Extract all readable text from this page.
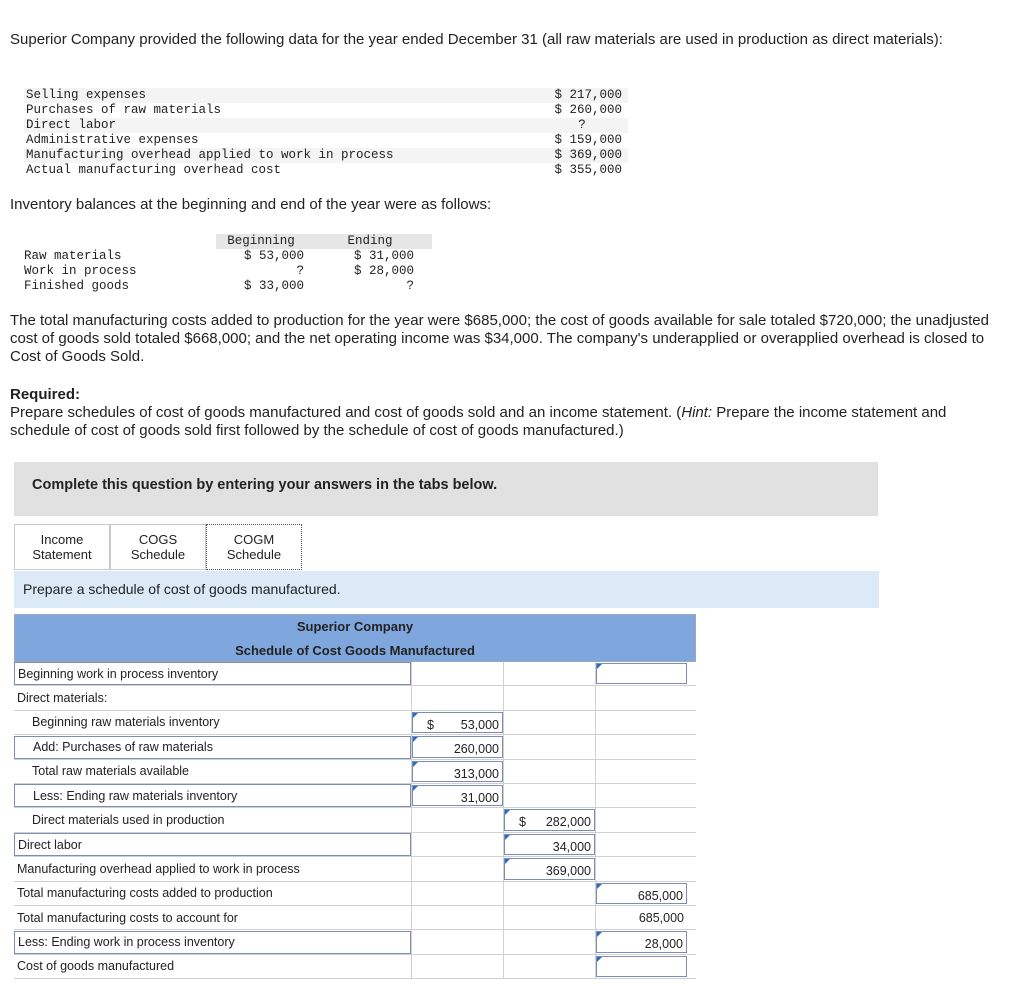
Superior Company provided the following data for the year ended December 31 (all raw materials are used in production as direct materials):
Selling expenses	$ 217,000
Purchases of raw materials	$ 260,000
Direct labor	?
Administrative expenses	$ 159,000
Manufacturing overhead applied to work in process	$ 369,000
Actual manufacturing overhead cost	$ 355,000
Inventory balances at the beginning and end of the year were as follows:
	Beginning	Ending
Raw materials	$ 53,000	$ 31,000
Work in process	?	$ 28,000
Finished goods	$ 33,000	?
The total manufacturing costs added to production for the year were $685,000; the cost of goods available for sale totaled $720,000; the unadjusted cost of goods sold totaled $668,000; and the net operating income was $34,000. The company's underapplied or overapplied overhead is closed to Cost of Goods Sold.
Required:
Prepare schedules of cost of goods manufactured and cost of goods sold and an income statement. (Hint: Prepare the income statement and schedule of cost of goods sold first followed by the schedule of cost of goods manufactured.)
Complete this question by entering your answers in the tabs below.
Income
Statement
COGS
Schedule
COGM
Schedule
Prepare a schedule of cost of goods manufactured.
Superior Company
Schedule of Cost Goods Manufactured
Beginning work in process inventory
Direct materials:
Beginning raw materials inventory	$ 53,000
Add: Purchases of raw materials	260,000
Total raw materials available	313,000
Less: Ending raw materials inventory	31,000
Direct materials used in production	$ 282,000
Direct labor	34,000
Manufacturing overhead applied to work in process	369,000
Total manufacturing costs added to production	685,000
Total manufacturing costs to account for	685,000
Less: Ending work in process inventory	28,000
Cost of goods manufactured
